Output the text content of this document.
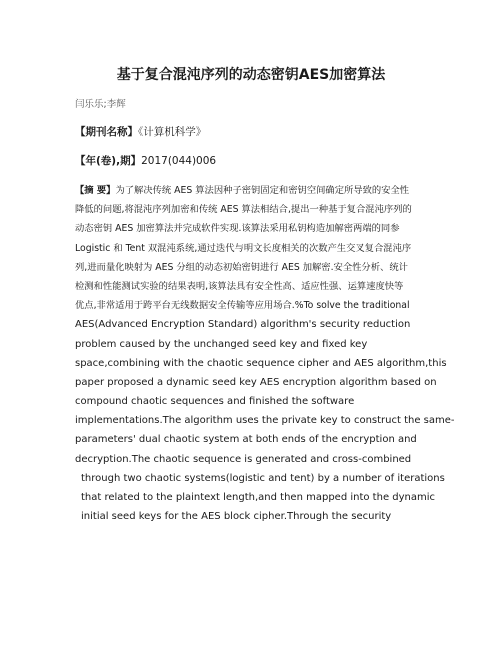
基于复合混沌序列的动态密钥AES加密算法
闫乐乐;李辉
【期刊名称】《计算机科学》
【年(卷),期】2017(044)006
【摘 要】为了解决传统 AES 算法因种子密钥固定和密钥空间确定所导致的安全性
降低的问题,将混沌序列加密和传统 AES 算法相结合,提出一种基于复合混沌序列的
动态密钥 AES 加密算法并完成软件实现.该算法采用私钥构造加解密两端的同参
Logistic 和 Tent 双混沌系统,通过迭代与明文长度相关的次数产生交叉复合混沌序
列,进而量化映射为 AES 分组的动态初始密钥进行 AES 加解密.安全性分析、统计
检测和性能测试实验的结果表明,该算法具有安全性高、适应性强、运算速度快等
优点,非常适用于跨平台无线数据安全传输等应用场合.%To solve the traditional
AES(Advanced Encryption Standard) algorithm's security reduction
problem caused by the unchanged seed key and fixed key
space,combining with the chaotic sequence cipher and AES algorithm,this
paper proposed a dynamic seed key AES encryption algorithm based on
compound chaotic sequences and finished the software
implementations.The algorithm uses the private key to construct the same-
parameters' dual chaotic system at both ends of the encryption and
decryption.The chaotic sequence is generated and cross-combined
through two chaotic systems(logistic and tent) by a number of iterations
that related to the plaintext length,and then mapped into the dynamic
initial seed keys for the AES block cipher.Through the security
